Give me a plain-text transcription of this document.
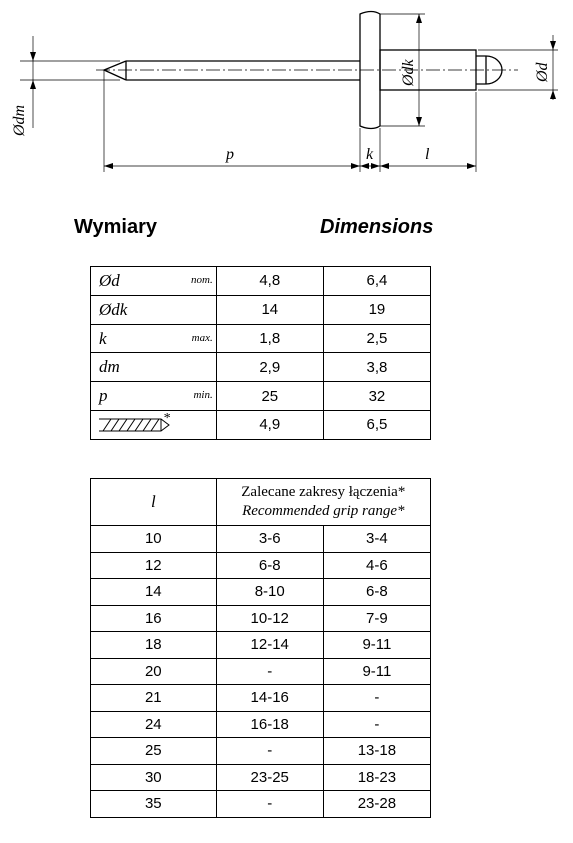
Ødm
Ødk	Ød
p	k	l
Wymiary	Dimensions
Ød nom.	4,8	6,4

Ødk	14	19

k max.	1,8	2,5

dm	2,9	3,8

p min.	25	32

*	4,9	6,5
l	Zalecane zakresy łączenia*
Recommended grip range*	

10	3-6	3-4
12	6-8	4-6
14	8-10	6-8
16	10-12	7-9
18	12-14	9-11
20	-	9-11
21	14-16	-
24	16-18	-
25	-	13-18
30	23-25	18-23
35	-	23-28
